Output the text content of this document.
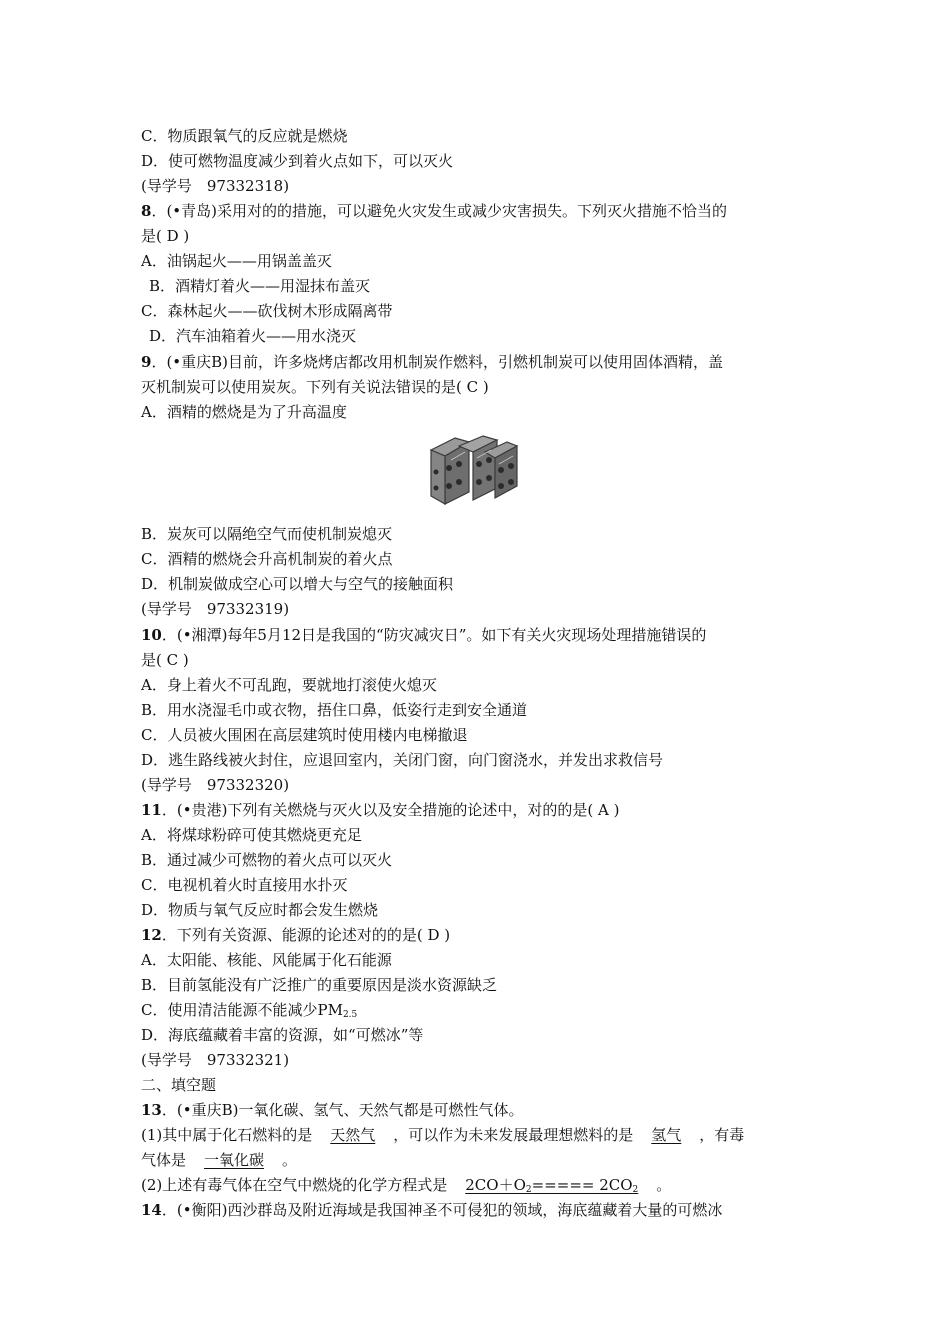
C．物质跟氧气的反应就是燃烧
D．使可燃物温度减少到着火点如下，可以灭火
(导学号　97332318)
8．(•青岛)采用对的的措施，可以避免火灾发生或减少灾害损失。下列灭火措施不恰当的
是( D )
A．油锅起火——用锅盖盖灭
B．酒精灯着火——用湿抹布盖灭
C．森林起火——砍伐树木形成隔离带
D．汽车油箱着火——用水浇灭
9．(•重庆B)目前，许多烧烤店都改用机制炭作燃料，引燃机制炭可以使用固体酒精，盖
灭机制炭可以使用炭灰。下列有关说法错误的是( C )
A．酒精的燃烧是为了升高温度
B．炭灰可以隔绝空气而使机制炭熄灭
C．酒精的燃烧会升高机制炭的着火点
D．机制炭做成空心可以增大与空气的接触面积
(导学号　97332319)
10．(•湘潭)每年5月12日是我国的“防灾减灾日”。如下有关火灾现场处理措施错误的
是( C )
A．身上着火不可乱跑，要就地打滚使火熄灭
B．用水浇湿毛巾或衣物，捂住口鼻，低姿行走到安全通道
C．人员被火围困在高层建筑时使用楼内电梯撤退
D．逃生路线被火封住，应退回室内，关闭门窗，向门窗浇水，并发出求救信号
(导学号　97332320)
11．(•贵港)下列有关燃烧与灭火以及安全措施的论述中，对的的是( A )
A．将煤球粉碎可使其燃烧更充足
B．通过减少可燃物的着火点可以灭火
C．电视机着火时直接用水扑灭
D．物质与氧气反应时都会发生燃烧
12．下列有关资源、能源的论述对的的是( D )
A．太阳能、核能、风能属于化石能源
B．目前氢能没有广泛推广的重要原因是淡水资源缺乏
C．使用清洁能源不能减少$PM_{2.5}$
D．海底蕴藏着丰富的资源，如“可燃冰”等
(导学号　97332321)
二、填空题
13．(•重庆B)一氧化碳、氢气、天然气都是可燃性气体。
(1)其中属于化石燃料的是 天然气 ，可以作为未来发展最理想燃料的是 氢气 ，有毒
气体是 一氧化碳 。
(2)上述有毒气体在空气中燃烧的化学方程式是 $2CO+O_2===== 2CO_2$ 。
14．(•衡阳)西沙群岛及附近海域是我国神圣不可侵犯的领域，海底蕴藏着大量的可燃冰
